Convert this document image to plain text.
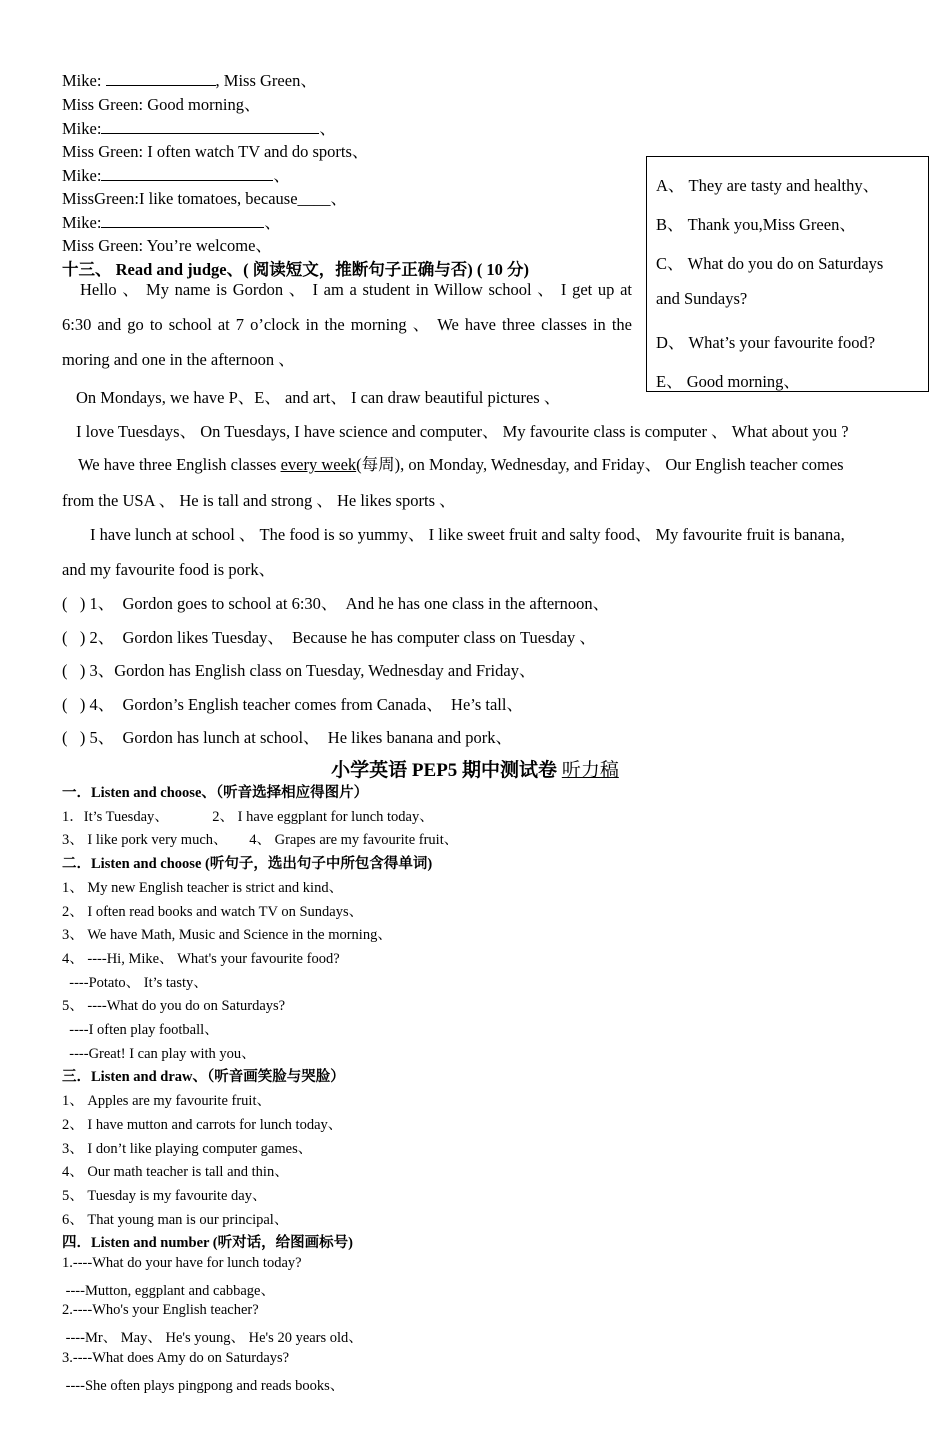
Mike:	, Miss Green、
Miss Green: Good morning、
Mike:	、
Miss Green: I often watch TV and do sports、
Mike:	、
MissGreen:I like tomatoes, because____、
Mike:	、
Miss Green: You’re welcome、
A、 They are tasty and healthy、
B、 Thank you,Miss Green、
C、 What do you do on Saturdays
and Sundays?
D、 What’s your favourite food?
E、 Good morning、
十三、 Read and judge、( 阅读短文，推断句子正确与否) ( 10 分)
Hello 、 My name is Gordon 、 I am a student in Willow school 、 I get up at 6:30 and go to school at 7 o’clock in the morning 、 We have three classes in the moring and one in the afternoon 、
On Mondays, we have P、E、 and art、 I can draw beautiful pictures 、
I love Tuesdays、 On Tuesdays, I have science and computer、 My favourite class is computer 、 What about you ?
We have three English classes every week(每周), on Monday, Wednesday, and Friday、 Our English teacher comes
from the USA 、 He is tall and strong 、 He likes sports 、
I have lunch at school 、 The food is so yummy、 I like sweet fruit and salty food、 My favourite fruit is banana,
and my favourite food is pork、
(   ) 1、  Gordon goes to school at 6:30、  And he has one class in the afternoon、
(   ) 2、  Gordon likes Tuesday、  Because he has computer class on Tuesday 、
(   ) 3、Gordon has English class on Tuesday, Wednesday and Friday、
(   ) 4、  Gordon’s English teacher comes from Canada、  He’s tall、
(   ) 5、  Gordon has lunch at school、  He likes banana and pork、
小学英语 PEP5 期中测试卷 听力稿
一．Listen and choose、（听音选择相应得图片）
1．It’s Tuesday、            2、 I have eggplant for lunch today、
3、 I like pork very much、      4、 Grapes are my favourite fruit、
二．Listen and choose (听句子，选出句子中所包含得单词)
1、 My new English teacher is strict and kind、
2、 I often read books and watch TV on Sundays、
3、 We have Math, Music and Science in the morning、
4、 ----Hi, Mike、 What's your favourite food?
----Potato、 It’s tasty、
5、 ----What do you do on Saturdays?
----I often play football、
----Great! I can play with you、
三．Listen and draw、（听音画笑脸与哭脸）
1、 Apples are my favourite fruit、
2、 I have mutton and carrots for lunch today、
3、 I don’t like playing computer games、
4、 Our math teacher is tall and thin、
5、 Tuesday is my favourite day、
6、 That young man is our principal、
四．Listen and number (听对话，给图画标号)
1.----What do your have for lunch today?
----Mutton, eggplant and cabbage、
2.----Who's your English teacher?
----Mr、 May、 He's young、 He's 20 years old、
3.----What does Amy do on Saturdays?
----She often plays pingpong and reads books、
